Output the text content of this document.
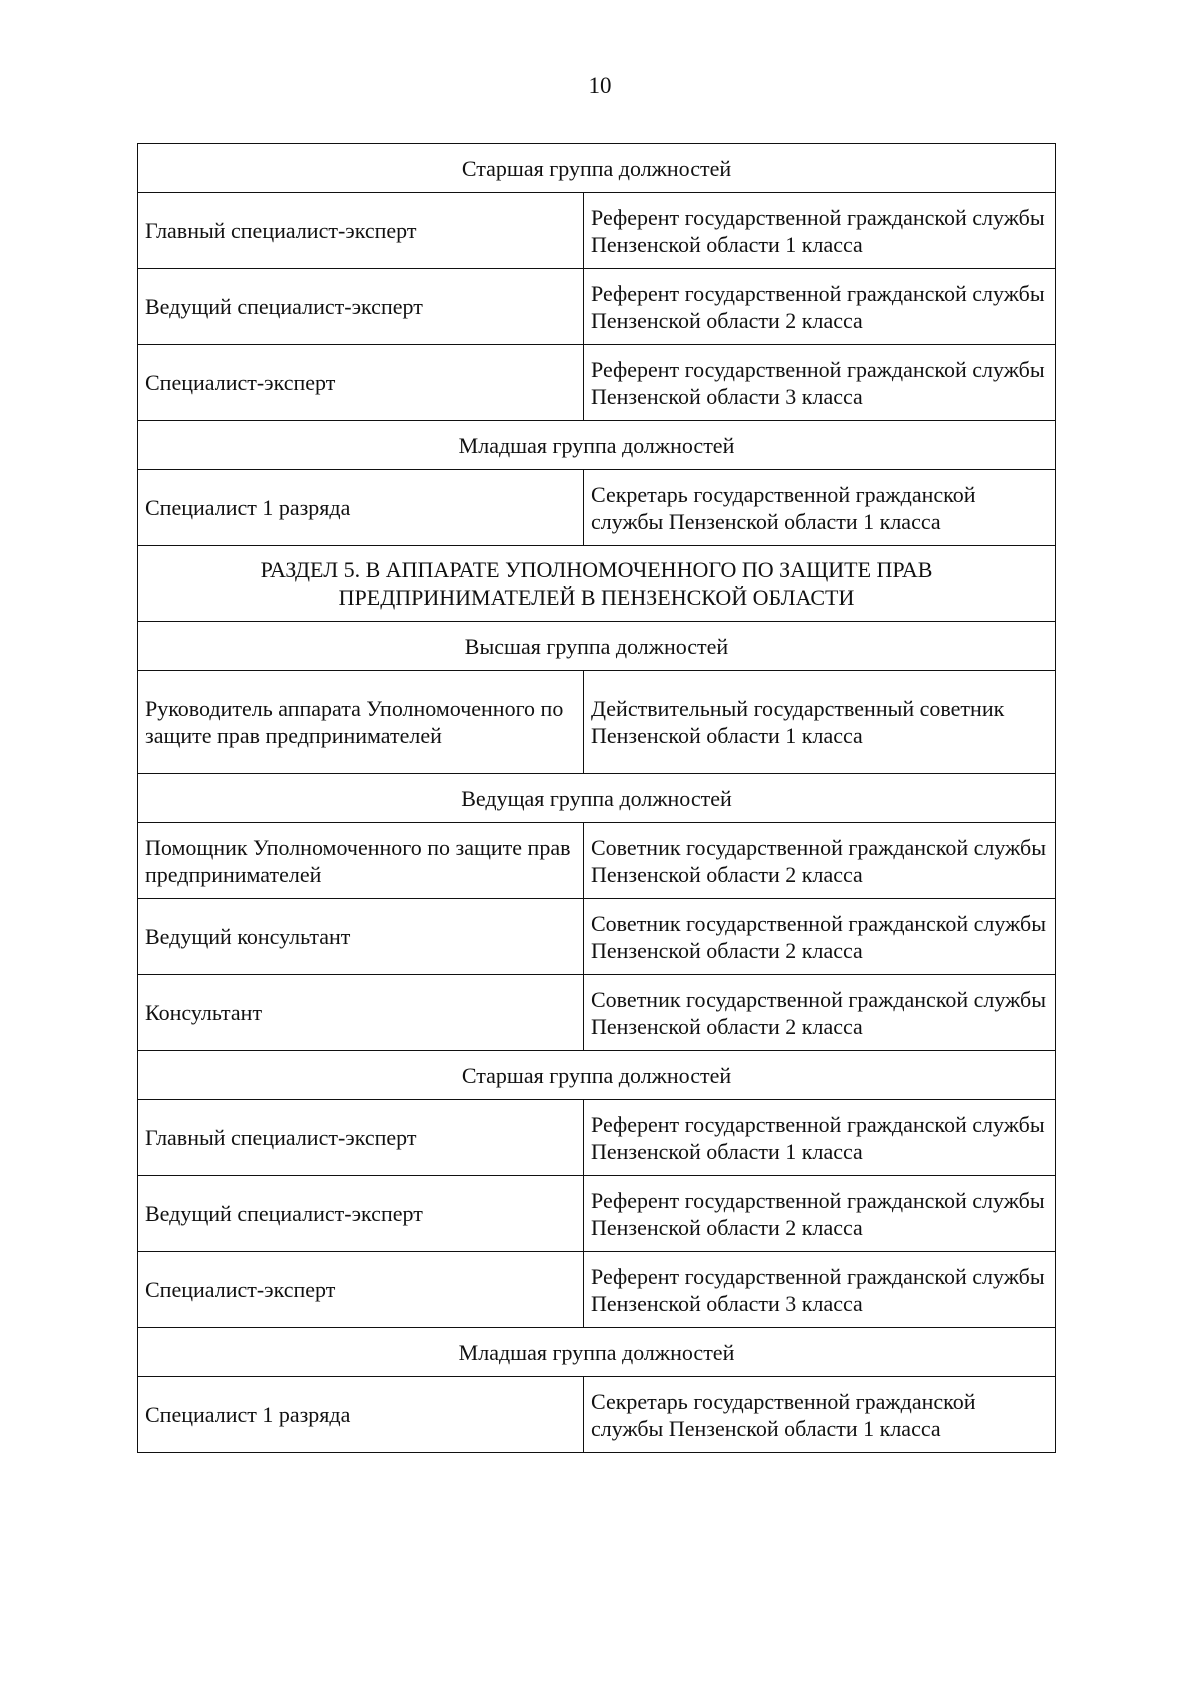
10
Старшая группа должностей	
Главный специалист-эксперт	Референт государственной гражданской службы Пензенской области 1 класса
Ведущий специалист-эксперт	Референт государственной гражданской службы Пензенской области 2 класса
Специалист-эксперт	Референт государственной гражданской службы Пензенской области 3 класса
Младшая группа должностей	
Специалист 1 разряда	Секретарь государственной гражданской службы Пензенской области 1 класса
РАЗДЕЛ 5. В АППАРАТЕ УПОЛНОМОЧЕННОГО ПО ЗАЩИТЕ ПРАВ ПРЕДПРИНИМАТЕЛЕЙ В ПЕНЗЕНСКОЙ ОБЛАСТИ	
Высшая группа должностей	
Руководитель аппарата Уполномоченного по защите прав предпринимателей	Действительный государственный советник Пензенской области 1 класса
Ведущая группа должностей	
Помощник Уполномоченного по защите прав предпринимателей	Советник государственной гражданской службы Пензенской области 2 класса
Ведущий консультант	Советник государственной гражданской службы Пензенской области 2 класса
Консультант	Советник государственной гражданской службы Пензенской области 2 класса
Старшая группа должностей	
Главный специалист-эксперт	Референт государственной гражданской службы Пензенской области 1 класса
Ведущий специалист-эксперт	Референт государственной гражданской службы Пензенской области 2 класса
Специалист-эксперт	Референт государственной гражданской службы Пензенской области 3 класса
Младшая группа должностей	
Специалист 1 разряда	Секретарь государственной гражданской службы Пензенской области 1 класса
